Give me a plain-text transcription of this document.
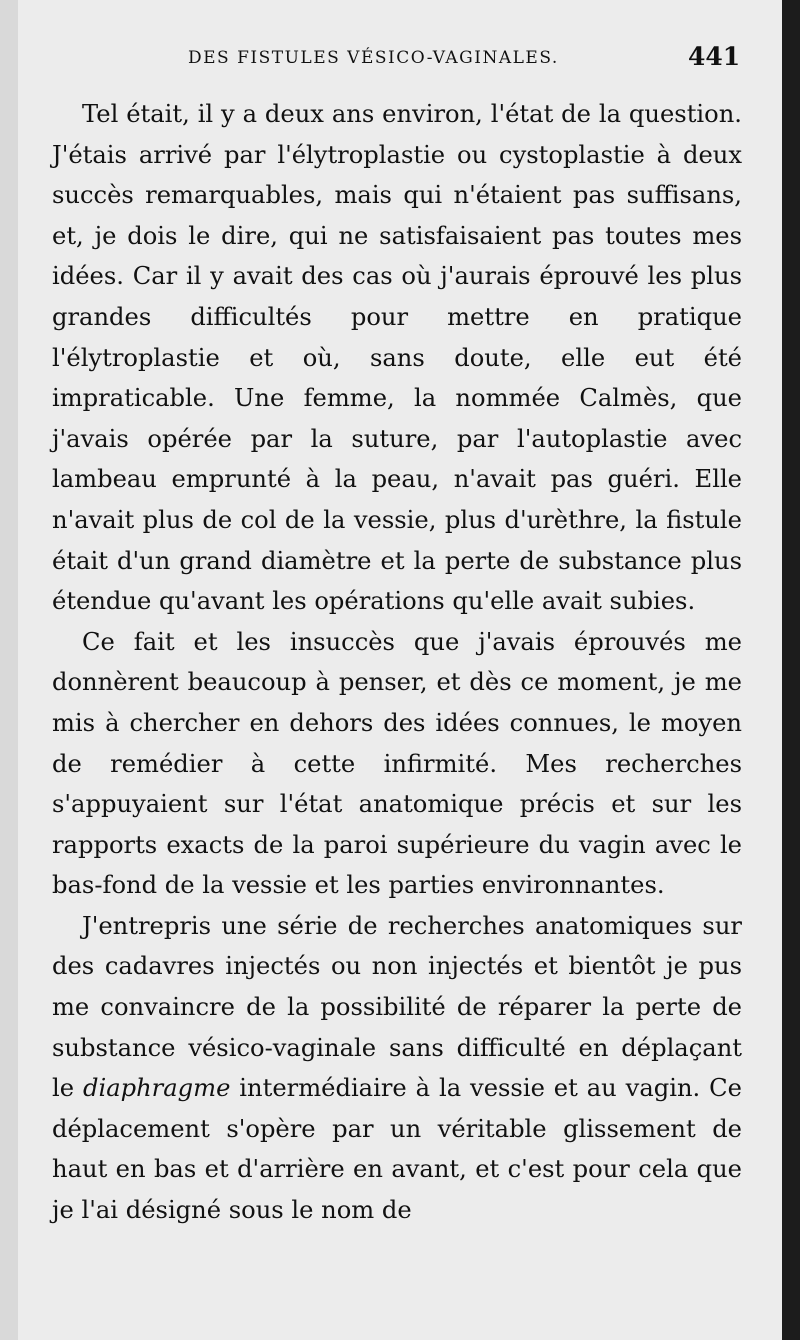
DES FISTULES VÉSICO-VAGINALES.	441

Tel était, il y a deux ans environ, l'état de la question. J'étais arrivé par l'élytroplastie ou cystoplastie à deux succès remarquables, mais qui n'étaient pas suffisans, et, je dois le dire, qui ne satisfaisaient pas toutes mes idées. Car il y avait des cas où j'aurais éprouvé les plus grandes difficultés pour mettre en pratique l'élytroplastie et où, sans doute, elle eut été impraticable. Une femme, la nommée Calmès, que j'avais opérée par la suture, par l'autoplastie avec lambeau emprunté à la peau, n'avait pas guéri. Elle n'avait plus de col de la vessie, plus d'urèthre, la fistule était d'un grand diamètre et la perte de substance plus étendue qu'avant les opérations qu'elle avait subies.

Ce fait et les insuccès que j'avais éprouvés me donnèrent beaucoup à penser, et dès ce moment, je me mis à chercher en dehors des idées connues, le moyen de remédier à cette infirmité. Mes recherches s'appuyaient sur l'état anatomique précis et sur les rapports exacts de la paroi supérieure du vagin avec le bas-fond de la vessie et les parties environnantes.

J'entrepris une série de recherches anatomiques sur des cadavres injectés ou non injectés et bientôt je pus me convaincre de la possibilité de réparer la perte de substance vésico-vaginale sans difficulté en déplaçant le diaphragme intermédiaire à la vessie et au vagin. Ce déplacement s'opère par un véritable glissement de haut en bas et d'arrière en avant, et c'est pour cela que je l'ai désigné sous le nom de
